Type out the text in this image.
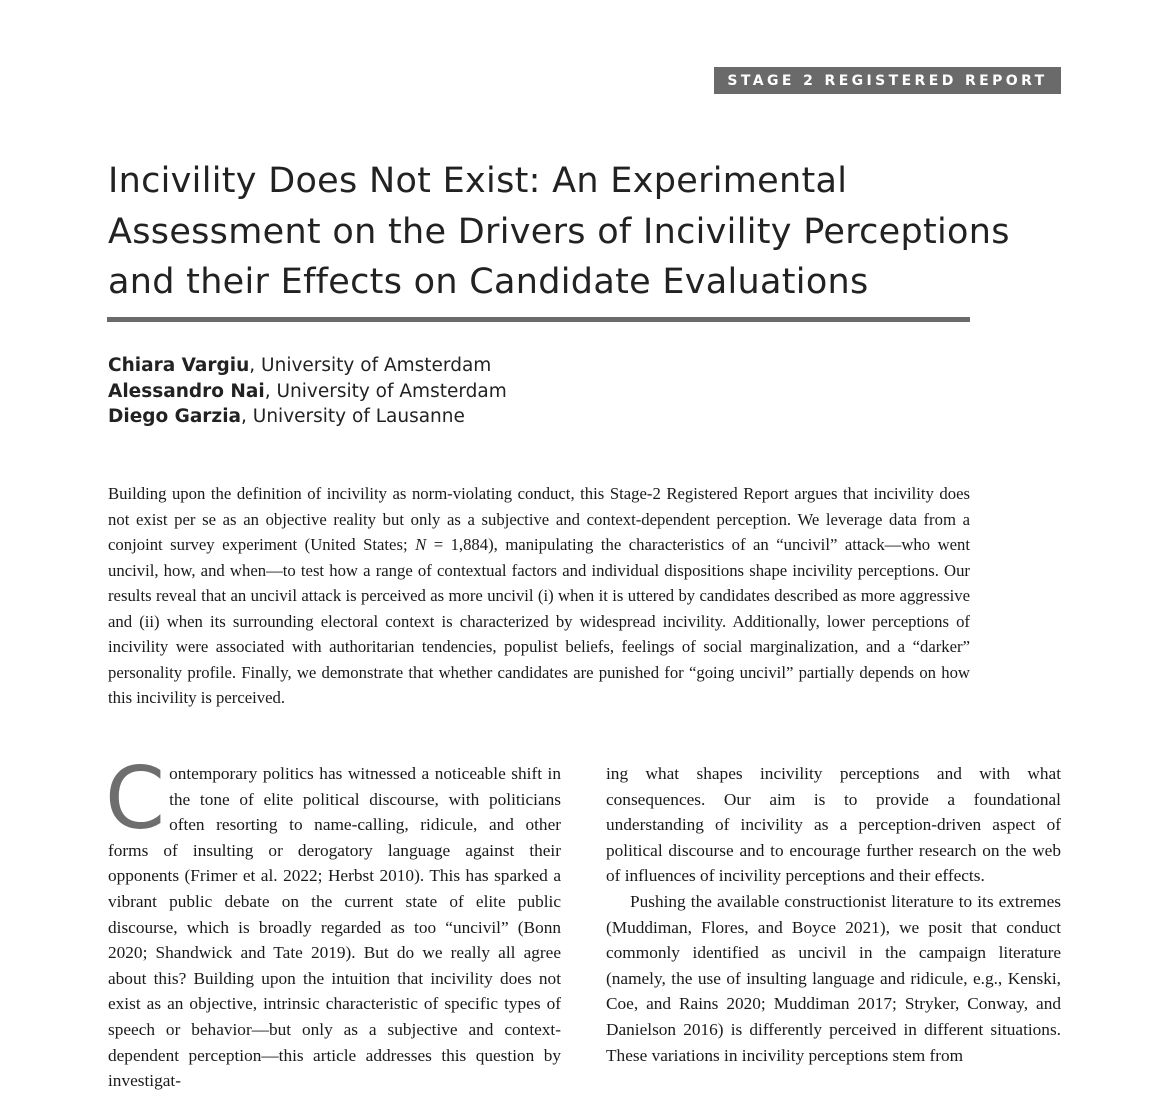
STAGE 2 REGISTERED REPORT
Incivility Does Not Exist: An Experimental Assessment on the Drivers of Incivility Perceptions and their Effects on Candidate Evaluations
Chiara Vargiu, University of Amsterdam
Alessandro Nai, University of Amsterdam
Diego Garzia, University of Lausanne

Building upon the definition of incivility as norm-violating conduct, this Stage-2 Registered Report argues that incivility does not exist per se as an objective reality but only as a subjective and context-dependent perception. We leverage data from a conjoint survey experiment (United States; N = 1,884), manipulating the characteristics of an “uncivil” attack—who went uncivil, how, and when—to test how a range of contextual factors and individual dispositions shape incivility perceptions. Our results reveal that an uncivil attack is perceived as more uncivil (i) when it is uttered by candidates described as more aggressive and (ii) when its surrounding electoral context is characterized by widespread incivility. Additionally, lower perceptions of incivility were associated with authoritarian tendencies, populist beliefs, feelings of social marginalization, and a “darker” personality profile. Finally, we demonstrate that whether candidates are punished for “going uncivil” partially depends on how this incivility is perceived.

Contemporary politics has witnessed a noticeable shift in the tone of elite political discourse, with politicians often resorting to name-calling, ridicule, and other forms of insulting or derogatory language against their opponents (Frimer et al. 2022; Herbst 2010). This has sparked a vibrant public debate on the current state of elite public discourse, which is broadly regarded as too “uncivil” (Bonn 2020; Shandwick and Tate 2019). But do we really all agree about this? Building upon the intuition that incivility does not exist as an objective, intrinsic characteristic of specific types of speech or behavior—but only as a subjective and context-dependent perception—this article addresses this question by investigat-

ing what shapes incivility perceptions and with what consequences. Our aim is to provide a foundational understanding of incivility as a perception-driven aspect of political discourse and to encourage further research on the web of influences of incivility perceptions and their effects.

Pushing the available constructionist literature to its extremes (Muddiman, Flores, and Boyce 2021), we posit that conduct commonly identified as uncivil in the campaign literature (namely, the use of insulting language and ridicule, e.g., Kenski, Coe, and Rains 2020; Muddiman 2017; Stryker, Conway, and Danielson 2016) is differently perceived in different situations. These variations in incivility perceptions stem from
